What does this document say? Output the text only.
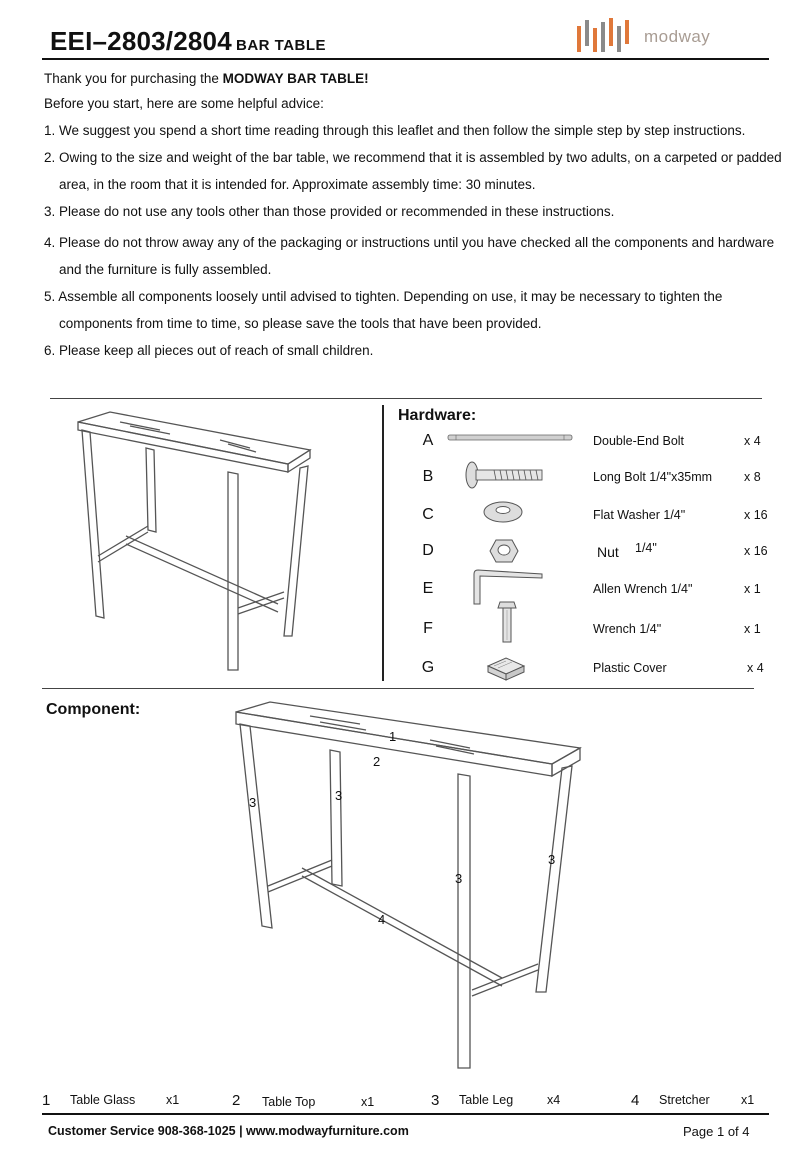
EEI–2803/2804 BAR TABLE	modway
Thank you for purchasing the MODWAY BAR TABLE!
Before you start, here are some helpful advice:
1. We suggest you spend a short time reading through this leaflet and then follow the simple step by step instructions.
2. Owing to the size and weight of the bar table, we recommend that it is assembled by two adults, on a carpeted or padded area, in the room that it is intended for. Approximate assembly time: 30 minutes.
3. Please do not use any tools other than those provided or recommended in these instructions.
4. Please do not throw away any of the packaging or instructions until you have checked all the components and hardware and the furniture is fully assembled.
5. Assemble all components loosely until advised to tighten. Depending on use, it may be necessary to tighten the components from time to time, so please save the tools that have been provided.
6. Please keep all pieces out of reach of small children.
Hardware:
A	Double-End Bolt	x 4
B	Long Bolt 1/4"x35mm	x 8
C	Flat Washer 1/4"	x 16
D	Nut 1/4"	x 16
E	Allen Wrench 1/4"	x 1
F	Wrench 1/4"	x 1
G	Plastic Cover	x 4
Component:
1
2
3	3
3
3
4
1 Table Glass x1	2 Table Top	x1	3 Table Leg	x4	4 Stretcher	x1
Customer Service 908-368-1025 | www.modwayfurniture.com	Page 1 of 4
